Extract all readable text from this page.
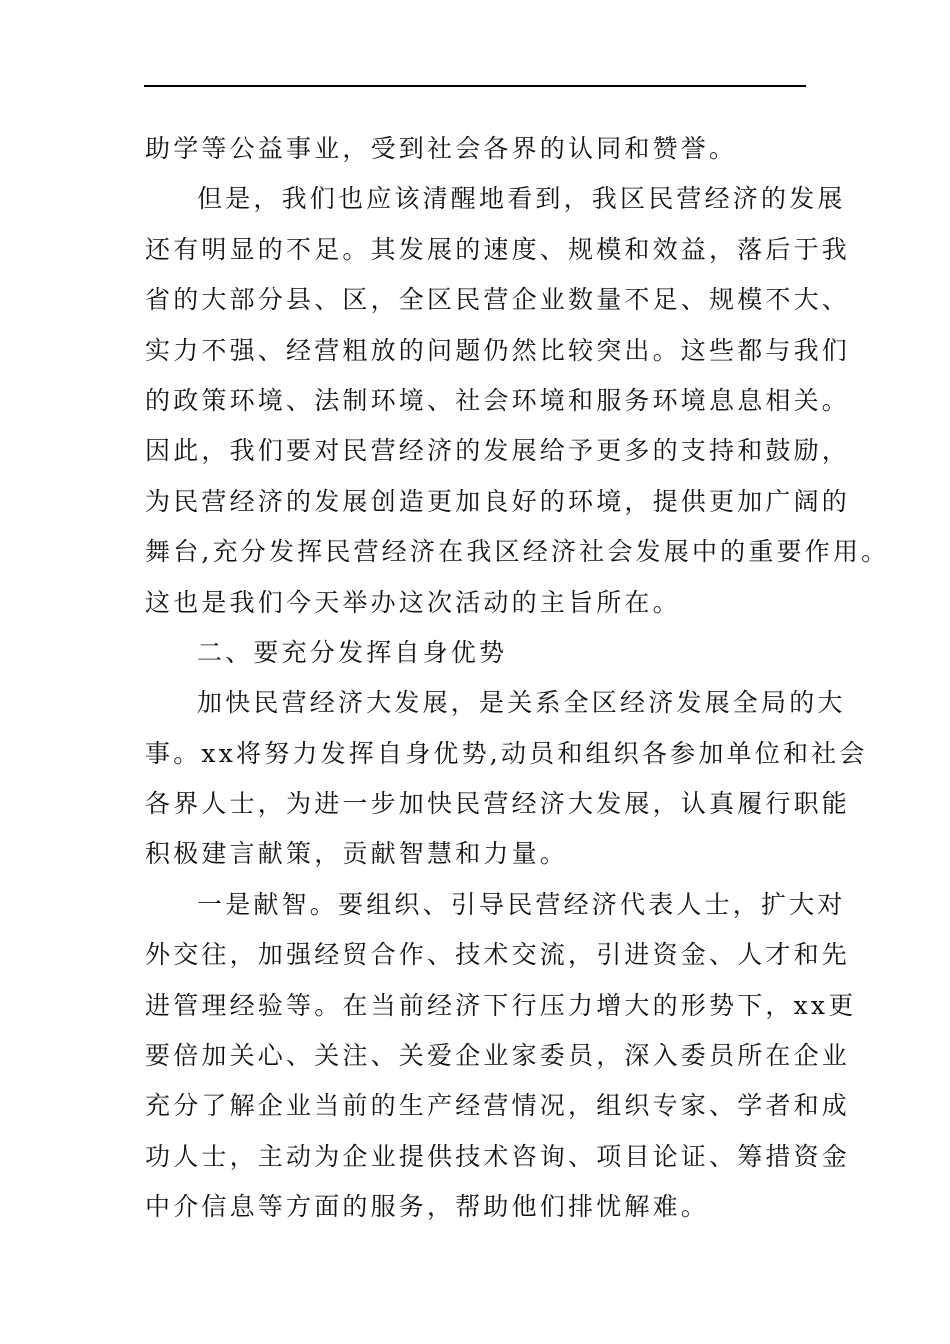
助学等公益事业，受到社会各界的认同和赞誉。
但是，我们也应该清醒地看到，我区民营经济的发展
还有明显的不足。其发展的速度、规模和效益，落后于我
省的大部分县、区，全区民营企业数量不足、规模不大、
实力不强、经营粗放的问题仍然比较突出。这些都与我们
的政策环境、法制环境、社会环境和服务环境息息相关。
因此，我们要对民营经济的发展给予更多的支持和鼓励，
为民营经济的发展创造更加良好的环境，提供更加广阔的
舞台,充分发挥民营经济在我区经济社会发展中的重要作用。
这也是我们今天举办这次活动的主旨所在。
二、要充分发挥自身优势
加快民营经济大发展，是关系全区经济发展全局的大
事。xx将努力发挥自身优势,动员和组织各参加单位和社会
各界人士，为进一步加快民营经济大发展，认真履行职能
积极建言献策，贡献智慧和力量。
一是献智。要组织、引导民营经济代表人士，扩大对
外交往，加强经贸合作、技术交流，引进资金、人才和先
进管理经验等。在当前经济下行压力增大的形势下，xx更
要倍加关心、关注、关爱企业家委员，深入委员所在企业
充分了解企业当前的生产经营情况，组织专家、学者和成
功人士，主动为企业提供技术咨询、项目论证、筹措资金
中介信息等方面的服务，帮助他们排忧解难。
